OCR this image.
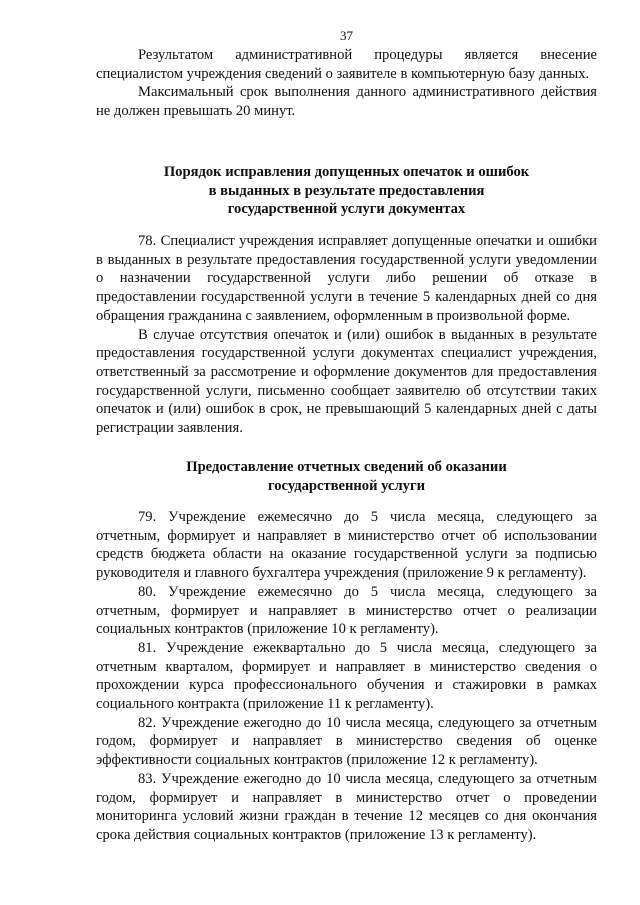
37

Результатом административной процедуры является внесение специалистом учреждения сведений о заявителе в компьютерную базу данных.

Максимальный срок выполнения данного административного действия не должен превышать 20 минут.

Порядок исправления допущенных опечаток и ошибок
в выданных в результате предоставления
государственной услуги документах

78. Специалист учреждения исправляет допущенные опечатки и ошибки в выданных в результате предоставления государственной услуги уведомлении о назначении государственной услуги либо решении об отказе в предоставлении государственной услуги в течение 5 календарных дней со дня обращения гражданина с заявлением, оформленным в произвольной форме.

В случае отсутствия опечаток и (или) ошибок в выданных в результате предоставления государственной услуги документах специалист учреждения, ответственный за рассмотрение и оформление документов для предоставления государственной услуги, письменно сообщает заявителю об отсутствии таких опечаток и (или) ошибок в срок, не превышающий 5 календарных дней с даты регистрации заявления.

Предоставление отчетных сведений об оказании
государственной услуги

79. Учреждение ежемесячно до 5 числа месяца, следующего за отчетным, формирует и направляет в министерство отчет об использовании средств бюджета области на оказание государственной услуги за подписью руководителя и главного бухгалтера учреждения (приложение 9 к регламенту).

80. Учреждение ежемесячно до 5 числа месяца, следующего за отчетным, формирует и направляет в министерство отчет о реализации социальных контрактов (приложение 10 к регламенту).

81. Учреждение ежеквартально до 5 числа месяца, следующего за отчетным кварталом, формирует и направляет в министерство сведения о прохождении курса профессионального обучения и стажировки в рамках социального контракта (приложение 11 к регламенту).

82. Учреждение ежегодно до 10 числа месяца, следующего за отчетным годом, формирует и направляет в министерство сведения об оценке эффективности социальных контрактов (приложение 12 к регламенту).

83. Учреждение ежегодно до 10 числа месяца, следующего за отчетным годом, формирует и направляет в министерство отчет о проведении мониторинга условий жизни граждан в течение 12 месяцев со дня окончания срока действия социальных контрактов (приложение 13 к регламенту).
